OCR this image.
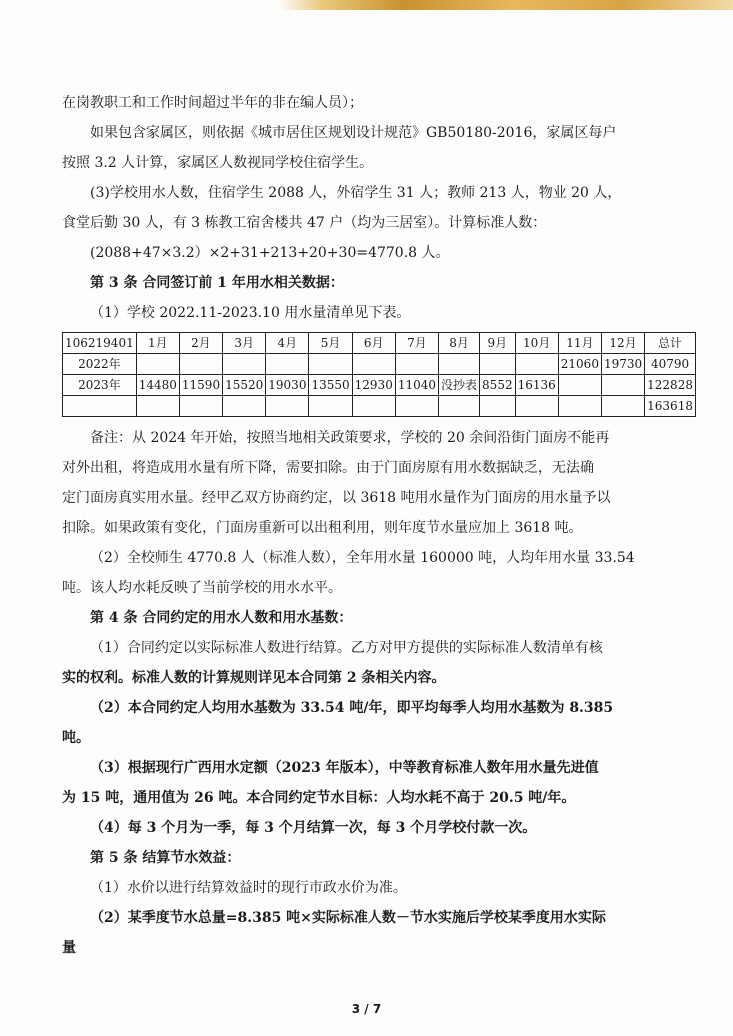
在岗教职工和工作时间超过半年的非在编人员）；

如果包含家属区，则依据《城市居住区规划设计规范》GB50180-2016，家属区每户

按照 3.2 人计算，家属区人数视同学校住宿学生。

(3)学校用水人数，住宿学生 2088 人，外宿学生 31 人；教师 213 人，物业 20 人，

食堂后勤 30 人，有 3 栋教工宿舍楼共 47 户（均为三居室）。计算标准人数：

(2088+47×3.2）×2+31+213+20+30=4770.8 人。

第 3 条 合同签订前 1 年用水相关数据：

（1）学校 2022.11-2023.10 用水量清单见下表。

106219401	1月	2月	3月	4月	5月	6月	7月	8月	9月	10月	11月	12月	总计
2022年											21060	19730	40790
2023年	14480	11590	15520	19030	13550	12930	11040	没抄表	8552	16136			122828
													163618

备注：从 2024 年开始，按照当地相关政策要求，学校的 20 余间沿街门面房不能再

对外出租，将造成用水量有所下降，需要扣除。由于门面房原有用水数据缺乏，无法确

定门面房真实用水量。经甲乙双方协商约定，以 3618 吨用水量作为门面房的用水量予以

扣除。如果政策有变化，门面房重新可以出租利用，则年度节水量应加上 3618 吨。

（2）全校师生 4770.8 人（标准人数），全年用水量 160000 吨，人均年用水量 33.54

吨。该人均水耗反映了当前学校的用水水平。

第 4 条 合同约定的用水人数和用水基数：

（1）合同约定以实际标准人数进行结算。乙方对甲方提供的实际标准人数清单有核

实的权利。标准人数的计算规则详见本合同第 2 条相关内容。

（2）本合同约定人均用水基数为 33.54 吨/年，即平均每季人均用水基数为 8.385

吨。

（3）根据现行广西用水定额（2023 年版本），中等教育标准人数年用水量先进值

为 15 吨，通用值为 26 吨。本合同约定节水目标：人均水耗不高于 20.5 吨/年。

（4）每 3 个月为一季，每 3 个月结算一次，每 3 个月学校付款一次。

第 5 条 结算节水效益：

（1）水价以进行结算效益时的现行市政水价为准。

（2）某季度节水总量=8.385 吨×实际标准人数－节水实施后学校某季度用水实际

量

3 / 7
